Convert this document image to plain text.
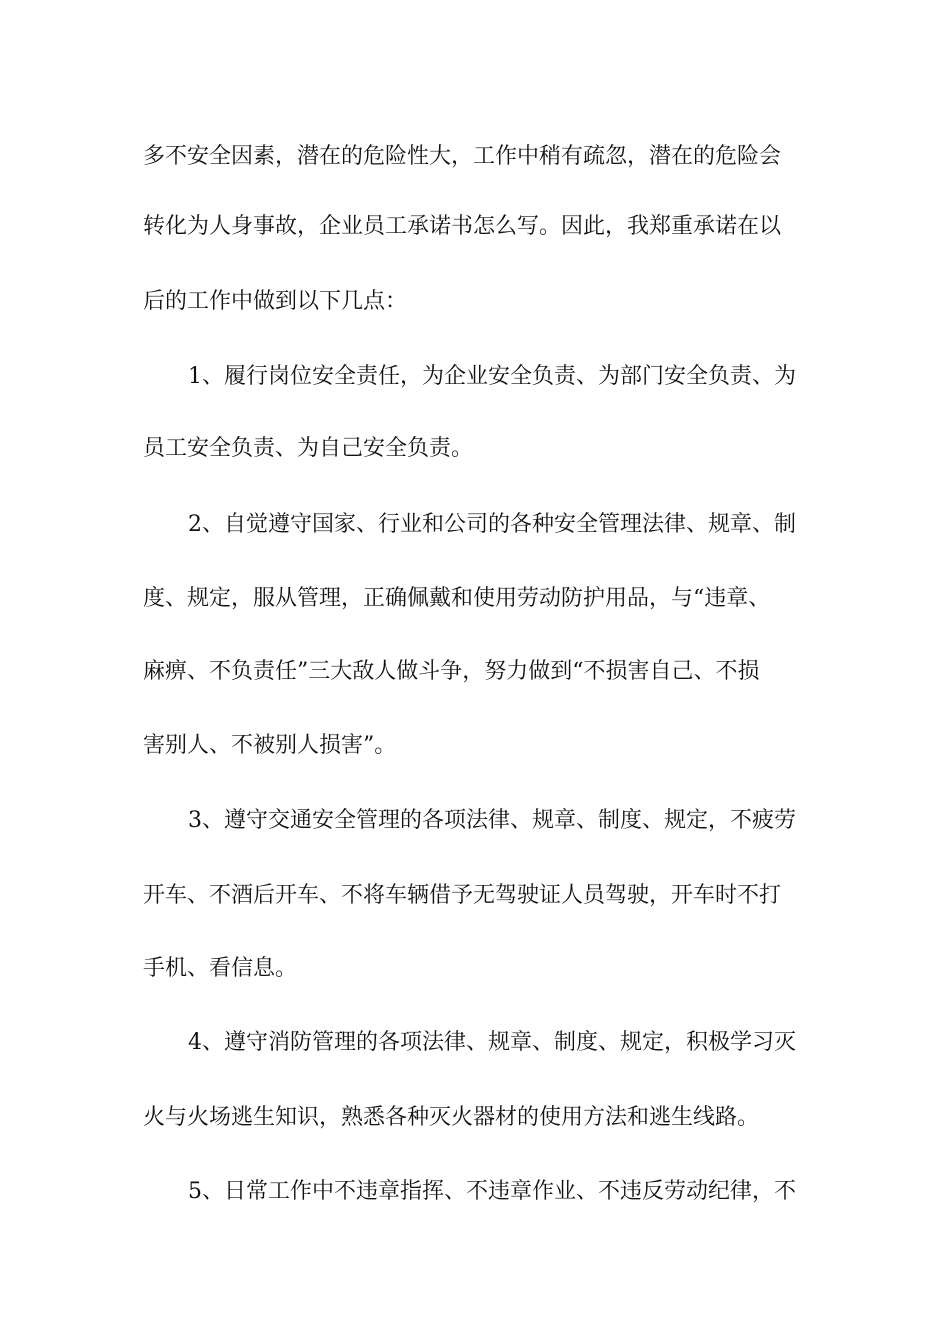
多不安全因素，潜在的危险性大，工作中稍有疏忽，潜在的危险会
转化为人身事故，企业员工承诺书怎么写。因此，我郑重承诺在以
后的工作中做到以下几点：
1、履行岗位安全责任，为企业安全负责、为部门安全负责、为
员工安全负责、为自己安全负责。
2、自觉遵守国家、行业和公司的各种安全管理法律、规章、制
度、规定，服从管理，正确佩戴和使用劳动防护用品，与“违章、
麻痹、不负责任”三大敌人做斗争，努力做到“不损害自己、不损
害别人、不被别人损害”。
3、遵守交通安全管理的各项法律、规章、制度、规定，不疲劳
开车、不酒后开车、不将车辆借予无驾驶证人员驾驶，开车时不打
手机、看信息。
4、遵守消防管理的各项法律、规章、制度、规定，积极学习灭
火与火场逃生知识，熟悉各种灭火器材的使用方法和逃生线路。
5、日常工作中不违章指挥、不违章作业、不违反劳动纪律，不
